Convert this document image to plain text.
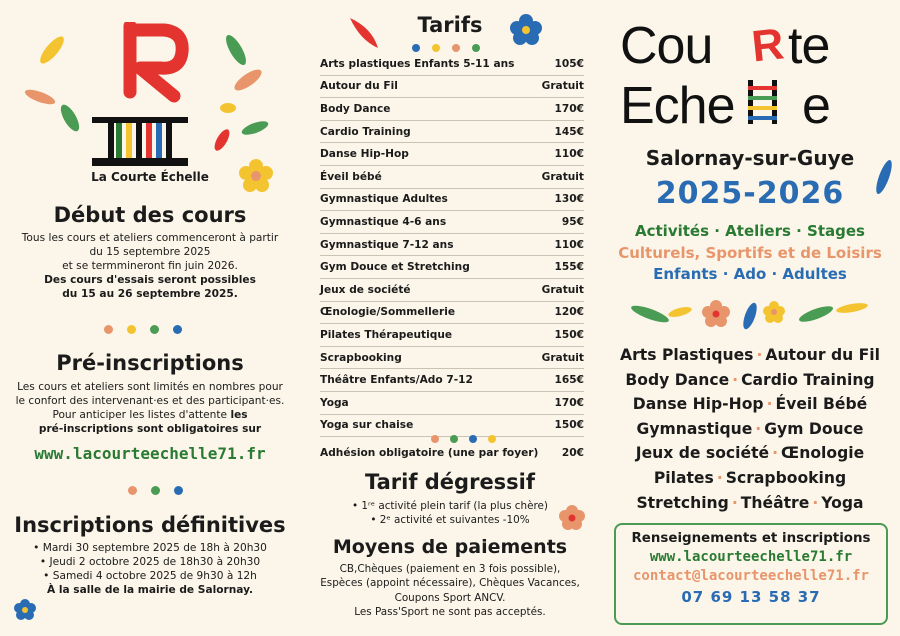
La Courte Échelle
Début des cours
Tous les cours et ateliers commenceront à partir
du 15 septembre 2025
et se termmineront fin juin 2026.
Des cours d'essais seront possibles
du 15 au 26 septembre 2025.
Pré-inscriptions
Les cours et ateliers sont limités en nombres pour
le confort des intervenant·es et des participant·es.
Pour anticiper les listes d'attente les
pré-inscriptions sont obligatoires sur
www.lacourteechelle71.fr
Inscriptions définitives
• Mardi 30 septembre 2025 de 18h à 20h30
• Jeudi 2 octobre 2025 de 18h30 à 20h30
• Samedi 4 octobre 2025 de 9h30 à 12h
À la salle de la mairie de Salornay.
Tarifs
Arts plastiques Enfants 5-11 ans	105€
Autour du Fil	Gratuit
Body Dance	170€
Cardio Training	145€
Danse Hip-Hop	110€
Éveil bébé	Gratuit
Gymnastique Adultes	130€
Gymnastique 4-6 ans	95€
Gymnastique 7-12 ans	110€
Gym Douce et Stretching	155€
Jeux de société	Gratuit
Œnologie/Sommellerie	120€
Pilates Thérapeutique	150€
Scrapbooking	Gratuit
Théâtre Enfants/Ado 7-12	165€
Yoga	170€
Yoga sur chaise	150€
Adhésion obligatoire (une par foyer) 20€
Tarif dégressif
• 1ʳᵉ activité plein tarif (la plus chère)
• 2ᵉ activité et suivantes -10%
Moyens de paiements
CB,Chèques (paiement en 3 fois possible),
Espèces (appoint nécessaire), Chèques Vacances,
Coupons Sport ANCV.
Les Pass'Sport ne sont pas acceptés.
Cou R te
Eche e
Salornay-sur-Guye
2025-2026
Activités · Ateliers · Stages
Culturels, Sportifs et de Loisirs
Enfants · Ado · Adultes
Arts Plastiques · Autour du Fil
Body Dance · Cardio Training
Danse Hip-Hop · Éveil Bébé
Gymnastique · Gym Douce
Jeux de société · Œnologie
Pilates · Scrapbooking
Stretching · Théâtre · Yoga
Renseignements et inscriptions
www.lacourteechelle71.fr
contact@lacourteechelle71.fr
07 69 13 58 37
